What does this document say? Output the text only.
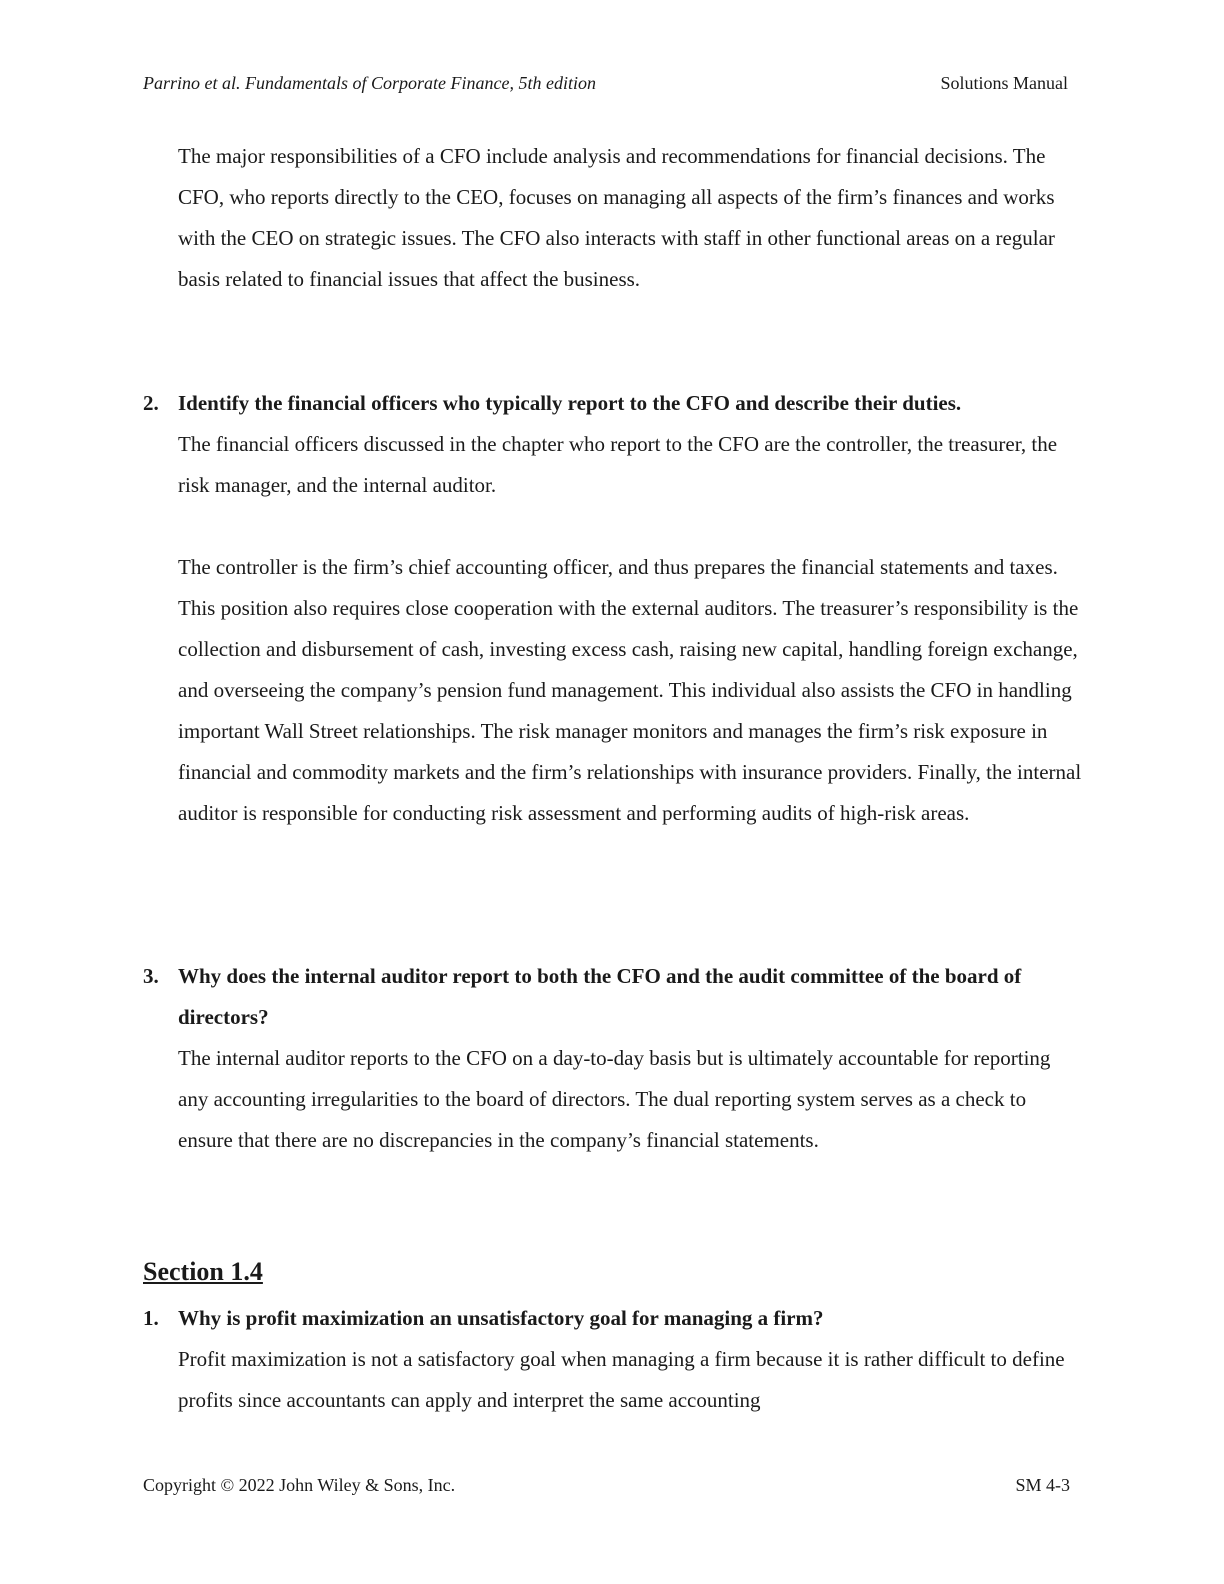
Parrino et al. Fundamentals of Corporate Finance, 5th edition	Solutions Manual

The major responsibilities of a CFO include analysis and recommendations for financial decisions. The CFO, who reports directly to the CEO, focuses on managing all aspects of the firm’s finances and works with the CEO on strategic issues. The CFO also interacts with staff in other functional areas on a regular basis related to financial issues that affect the business.

2. Identify the financial officers who typically report to the CFO and describe their duties.

The financial officers discussed in the chapter who report to the CFO are the controller, the treasurer, the risk manager, and the internal auditor.

The controller is the firm’s chief accounting officer, and thus prepares the financial statements and taxes. This position also requires close cooperation with the external auditors. The treasurer’s responsibility is the collection and disbursement of cash, investing excess cash, raising new capital, handling foreign exchange, and overseeing the company’s pension fund management. This individual also assists the CFO in handling important Wall Street relationships. The risk manager monitors and manages the firm’s risk exposure in financial and commodity markets and the firm’s relationships with insurance providers. Finally, the internal auditor is responsible for conducting risk assessment and performing audits of high-risk areas.

3. Why does the internal auditor report to both the CFO and the audit committee of the board of directors?

The internal auditor reports to the CFO on a day-to-day basis but is ultimately accountable for reporting any accounting irregularities to the board of directors. The dual reporting system serves as a check to ensure that there are no discrepancies in the company’s financial statements.

Section 1.4
1. Why is profit maximization an unsatisfactory goal for managing a firm?

Profit maximization is not a satisfactory goal when managing a firm because it is rather difficult to define profits since accountants can apply and interpret the same accounting

Copyright © 2022 John Wiley & Sons, Inc.	SM 4-3
